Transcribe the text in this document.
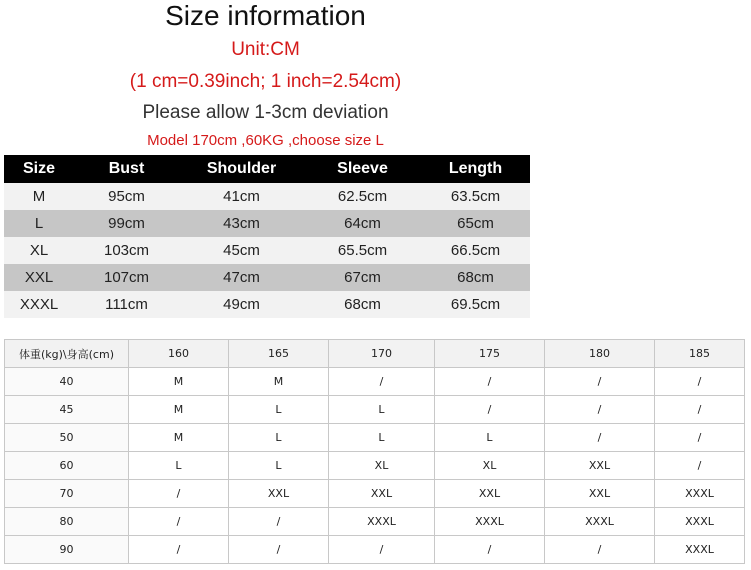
Size information
Unit:CM
(1 cm=0.39inch; 1 inch=2.54cm)
Please allow 1-3cm deviation
Model 170cm ,60KG ,choose size L
Size	Bust	Shoulder	Sleeve	Length
M	95cm	41cm	62.5cm	63.5cm
L	99cm	43cm	64cm	65cm
XL	103cm	45cm	65.5cm	66.5cm
XXL	107cm	47cm	67cm	68cm
XXXL	111cm	49cm	68cm	69.5cm
体重(kg)\身高(cm)	160	165	170	175	180	185
40	M	M	/	/	/	/
45	M	L	L	/	/	/
50	M	L	L	L	/	/
60	L	L	XL	XL	XXL	/
70	/	XXL	XXL	XXL	XXL	XXXL
80	/	/	XXXL	XXXL	XXXL	XXXL
90	/	/	/	/	/	XXXL
